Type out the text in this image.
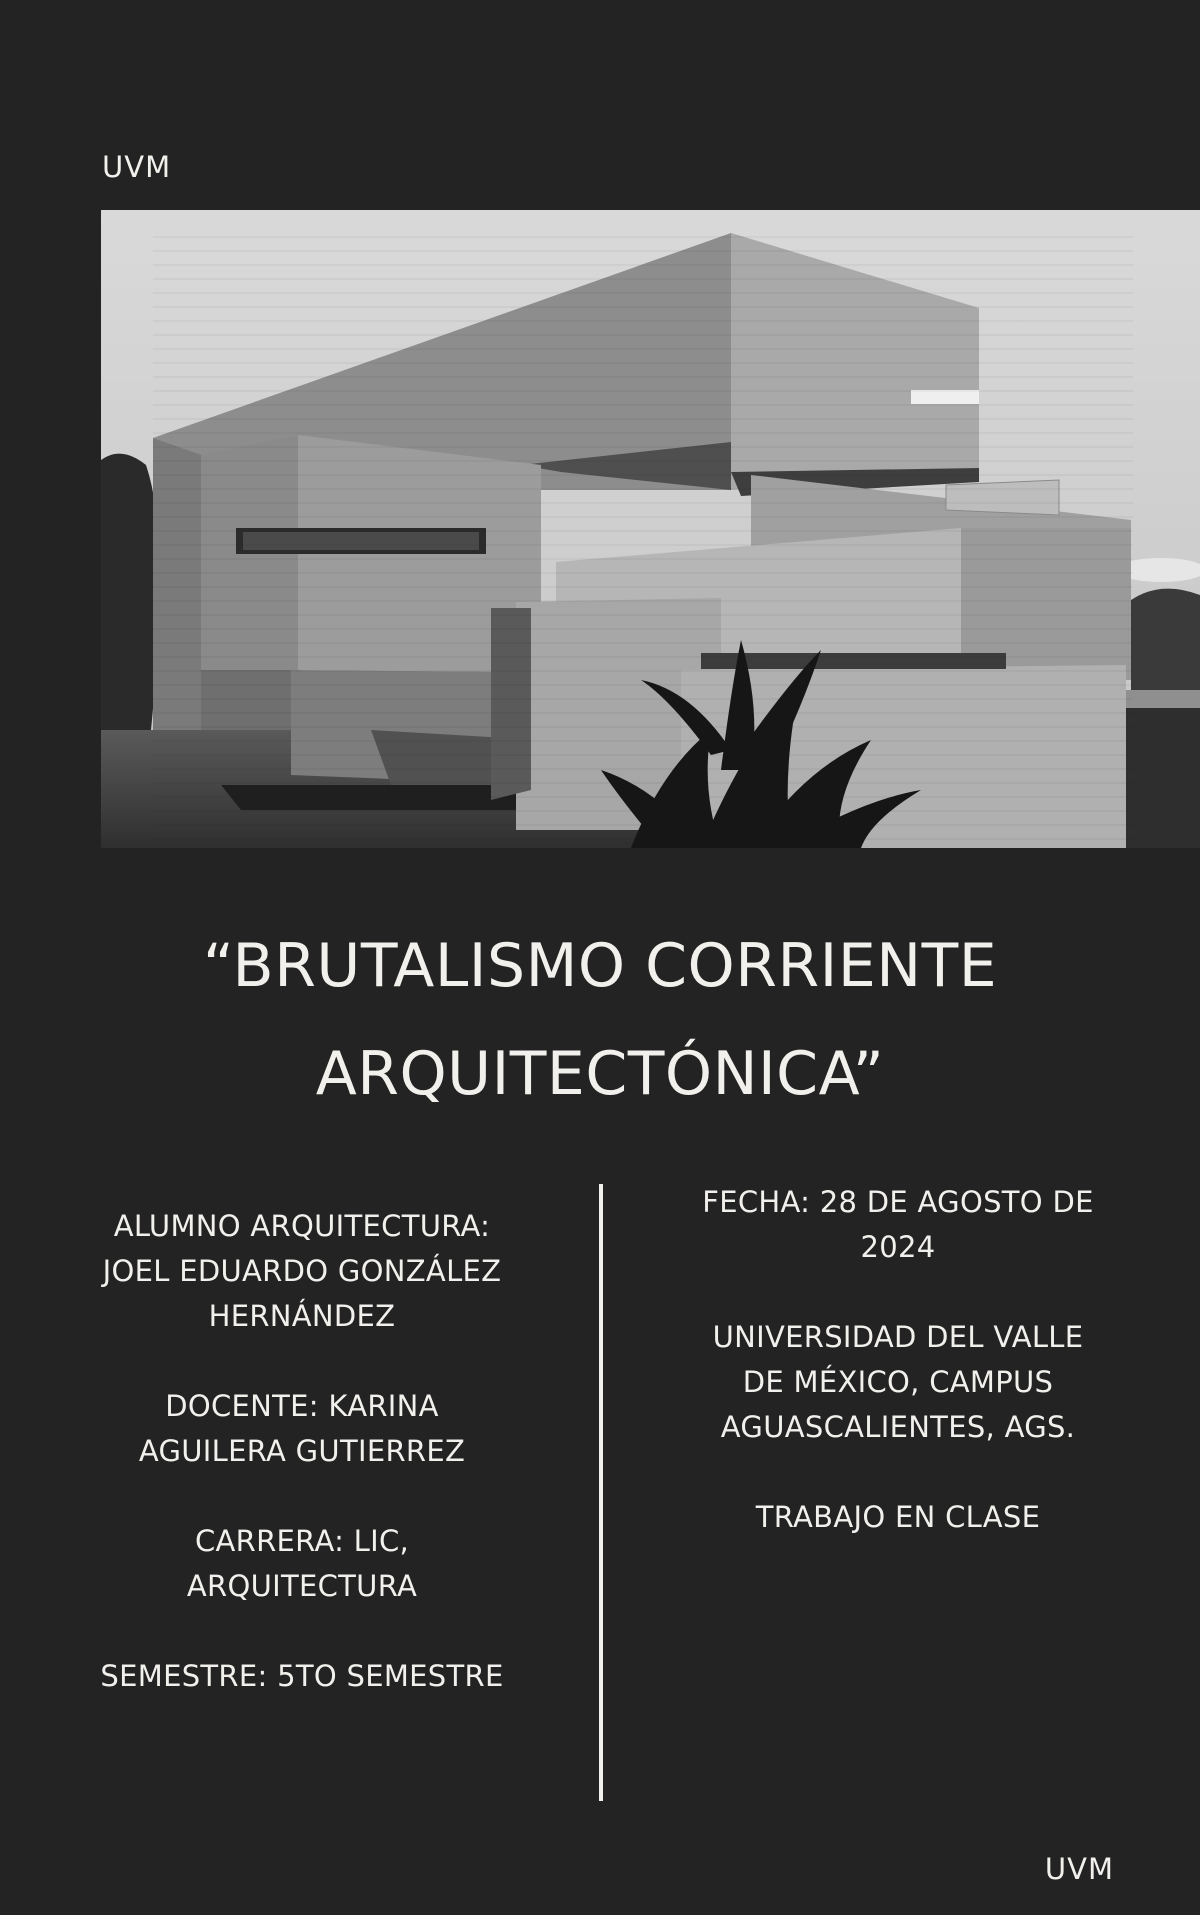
UVM
“BRUTALISMO CORRIENTE
ARQUITECTÓNICA”

ALUMNO ARQUITECTURA:
JOEL EDUARDO GONZÁLEZ
HERNÁNDEZ

DOCENTE: KARINA
AGUILERA GUTIERREZ

CARRERA: LIC,
ARQUITECTURA

SEMESTRE: 5TO SEMESTRE

FECHA: 28 DE AGOSTO DE
2024

UNIVERSIDAD DEL VALLE
DE MÉXICO, CAMPUS
AGUASCALIENTES, AGS.

TRABAJO EN CLASE

UVM
